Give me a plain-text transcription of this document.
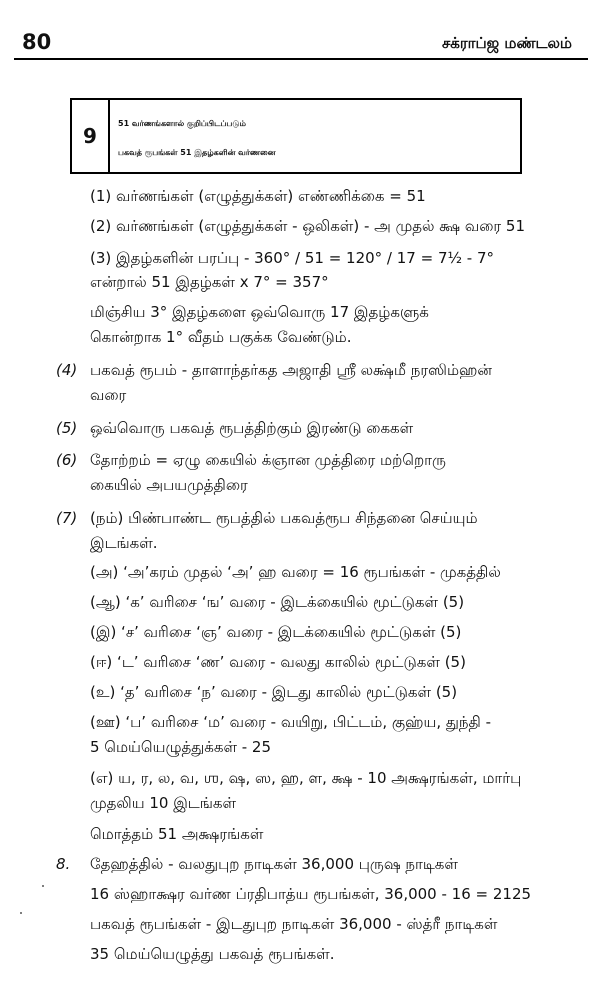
80	சக்ராப்ஜ மண்டலம்
9
51 வர்ணங்களால் குறிப்பிடப்படும்
பகவத் ரூபங்கள் 51 இதழ்களின் வர்ணனை
(1) வர்ணங்கள் (எழுத்துக்கள்) எண்ணிக்கை = 51
(2) வர்ணங்கள் (எழுத்துக்கள் - ஒலிகள்) - அ முதல் க்ஷ வரை 51
(3) இதழ்களின் பரப்பு - 360° / 51 = 120° / 17 = 7½ - 7°
என்றால் 51 இதழ்கள் x 7° = 357°
மிஞ்சிய 3° இதழ்களை ஒவ்வொரு 17 இதழ்களுக்
கொன்றாக 1° வீதம் பகுக்க வேண்டும்.
(4) பகவத் ரூபம் - தாளாந்தர்கத அஜாதி ஸ்ரீ லக்ஷ்மீ நரஸிம்ஹன்
வரை
(5) ஒவ்வொரு பகவத் ரூபத்திற்கும் இரண்டு கைகள்
(6) தோற்றம் = ஏழு கையில் க்ஞான முத்திரை மற்றொரு
கையில் அபயமுத்திரை
(7) (நம்) பிண்பாண்ட ரூபத்தில் பகவத்ரூப சிந்தனை செய்யும்
இடங்கள்.
(அ) ‘அ’கரம் முதல் ‘அ’ ஹ வரை = 16 ரூபங்கள் - முகத்தில்
(ஆ) ‘க’ வரிசை ‘ங’ வரை - இடக்கையில் மூட்டுகள் (5)
(இ) ‘ச’ வரிசை ‘ஞ’ வரை - இடக்கையில் மூட்டுகள் (5)
(ஈ) ‘ட’ வரிசை ‘ண’ வரை - வலது காலில் மூட்டுகள் (5)
(உ) ‘த’ வரிசை ‘ந’ வரை - இடது காலில் மூட்டுகள் (5)
(ஊ) ‘ப’ வரிசை ‘ம’ வரை - வயிறு, பிட்டம், குஹ்ய, துந்தி -
5 மெய்யெழுத்துக்கள் - 25
(எ) ய, ர, ல, வ, ஶ, ஷ, ஸ, ஹ, ள, க்ஷ - 10 அக்ஷரங்கள், மார்பு
முதலிய 10 இடங்கள்
மொத்தம் 51 அக்ஷரங்கள்
8. தேஹத்தில் - வலதுபுற நாடிகள் 36,000 புருஷ நாடிகள்
16 ஸ்ஹாக்ஷர வர்ண ப்ரதிபாத்ய ரூபங்கள், 36,000 - 16 = 2125
பகவத் ரூபங்கள் - இடதுபுற நாடிகள் 36,000 - ஸ்த்ரீ நாடிகள்
35 மெய்யெழுத்து பகவத் ரூபங்கள்.
